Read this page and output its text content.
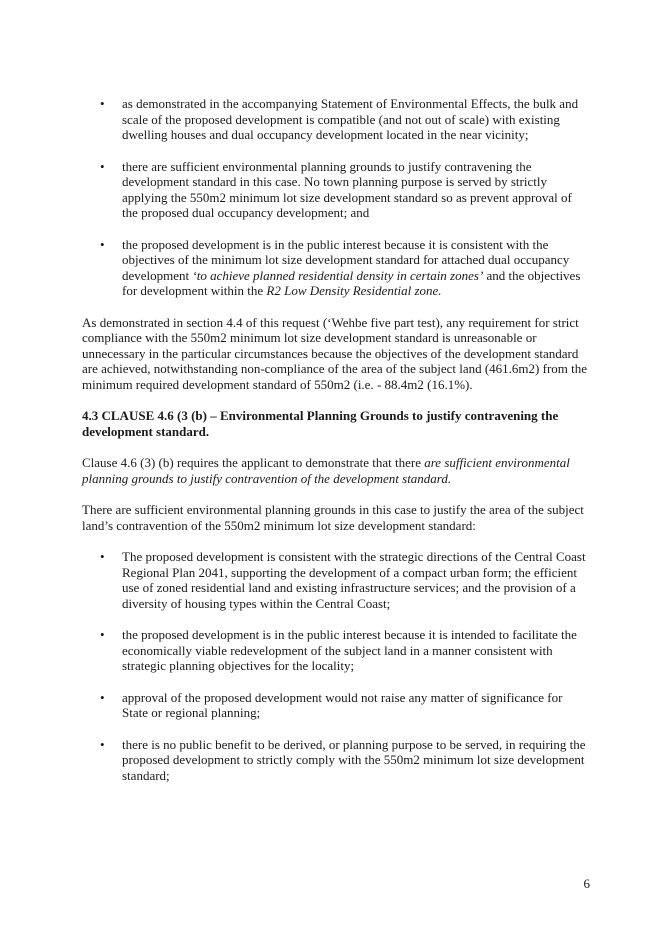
• as demonstrated in the accompanying Statement of Environmental Effects, the bulk and scale of the proposed development is compatible (and not out of scale) with existing dwelling houses and dual occupancy development located in the near vicinity;
• there are sufficient environmental planning grounds to justify contravening the development standard in this case. No town planning purpose is served by strictly applying the 550m2 minimum lot size development standard so as prevent approval of the proposed dual occupancy development; and
• the proposed development is in the public interest because it is consistent with the objectives of the minimum lot size development standard for attached dual occupancy development ‘to achieve planned residential density in certain zones’ and the objectives for development within the R2 Low Density Residential zone.

As demonstrated in section 4.4 of this request (‘Wehbe five part test), any requirement for strict compliance with the 550m2 minimum lot size development standard is unreasonable or unnecessary in the particular circumstances because the objectives of the development standard are achieved, notwithstanding non-compliance of the area of the subject land (461.6m2) from the minimum required development standard of 550m2 (i.e. - 88.4m2 (16.1%).

4.3 CLAUSE 4.6 (3 (b) – Environmental Planning Grounds to justify contravening the development standard.

Clause 4.6 (3) (b) requires the applicant to demonstrate that there are sufficient environmental planning grounds to justify contravention of the development standard.

There are sufficient environmental planning grounds in this case to justify the area of the subject land’s contravention of the 550m2 minimum lot size development standard:

• The proposed development is consistent with the strategic directions of the Central Coast Regional Plan 2041, supporting the development of a compact urban form; the efficient use of zoned residential land and existing infrastructure services; and the provision of a diversity of housing types within the Central Coast;
• the proposed development is in the public interest because it is intended to facilitate the economically viable redevelopment of the subject land in a manner consistent with strategic planning objectives for the locality;
• approval of the proposed development would not raise any matter of significance for State or regional planning;
• there is no public benefit to be derived, or planning purpose to be served, in requiring the proposed development to strictly comply with the 550m2 minimum lot size development standard;
6
